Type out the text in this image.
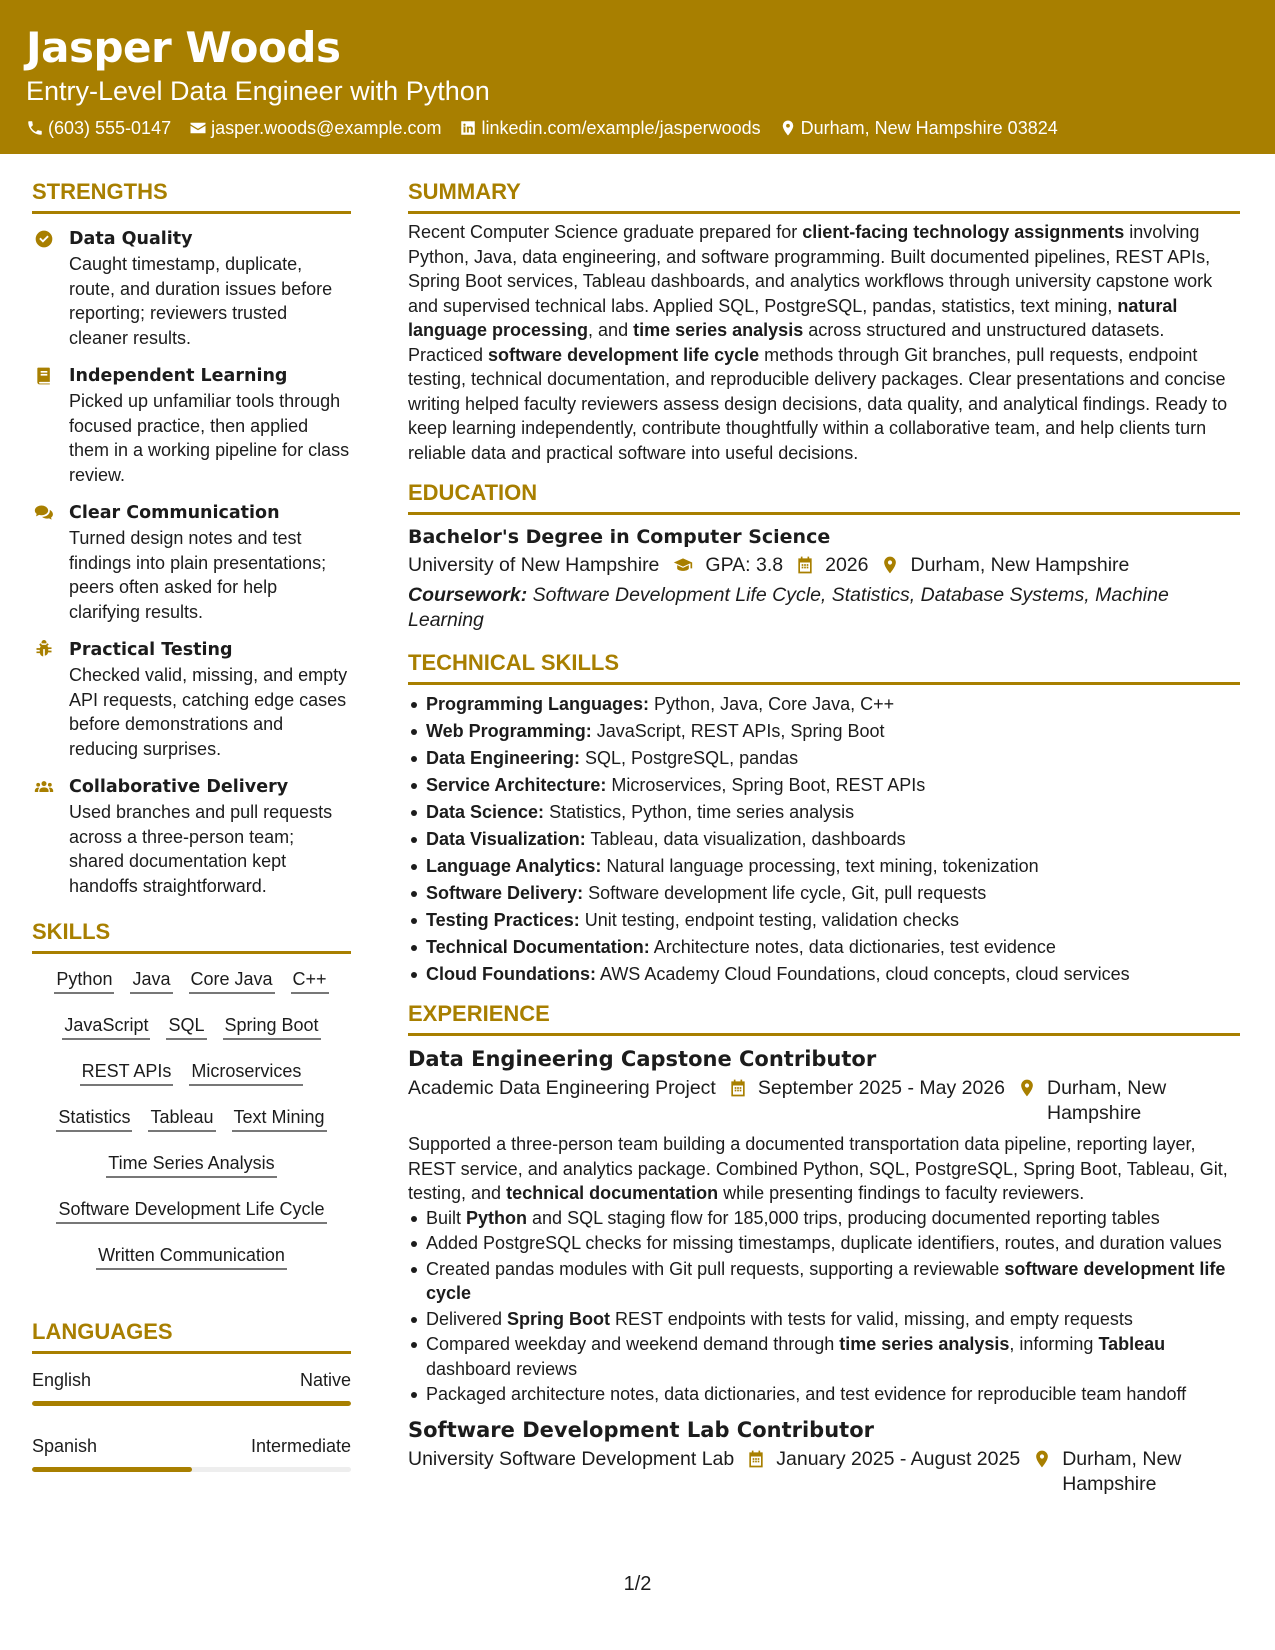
Jasper Woods
Entry-Level Data Engineer with Python
(603) 555-0147 jasper.woods@example.com linkedin.com/example/jasperwoods Durham, New Hampshire 03824
STRENGTHS
Data Quality
Caught timestamp, duplicate, route, and duration issues before reporting; reviewers trusted cleaner results.
Independent Learning
Picked up unfamiliar tools through focused practice, then applied them in a working pipeline for class review.
Clear Communication
Turned design notes and test findings into plain presentations; peers often asked for help clarifying results.
Practical Testing
Checked valid, missing, and empty API requests, catching edge cases before demonstrations and reducing surprises.
Collaborative Delivery
Used branches and pull requests across a three-person team; shared documentation kept handoffs straightforward.
SKILLS
Python Java Core Java C++
JavaScript SQL Spring Boot
REST APIs Microservices
Statistics Tableau Text Mining
Time Series Analysis
Software Development Life Cycle
Written Communication
LANGUAGES
English	Native
Spanish	Intermediate
SUMMARY
Recent Computer Science graduate prepared for client-facing technology assignments involving Python, Java, data engineering, and software programming. Built documented pipelines, REST APIs, Spring Boot services, Tableau dashboards, and analytics workflows through university capstone work and supervised technical labs. Applied SQL, PostgreSQL, pandas, statistics, text mining, natural language processing, and time series analysis across structured and unstructured datasets. Practiced software development life cycle methods through Git branches, pull requests, endpoint testing, technical documentation, and reproducible delivery packages. Clear presentations and concise writing helped faculty reviewers assess design decisions, data quality, and analytical findings. Ready to keep learning independently, contribute thoughtfully within a collaborative team, and help clients turn reliable data and practical software into useful decisions.
EDUCATION
Bachelor's Degree in Computer Science
University of New Hampshire GPA: 3.8 2026 Durham, New Hampshire
Coursework: Software Development Life Cycle, Statistics, Database Systems, Machine Learning
TECHNICAL SKILLS
Programming Languages: Python, Java, Core Java, C++
Web Programming: JavaScript, REST APIs, Spring Boot
Data Engineering: SQL, PostgreSQL, pandas
Service Architecture: Microservices, Spring Boot, REST APIs
Data Science: Statistics, Python, time series analysis
Data Visualization: Tableau, data visualization, dashboards
Language Analytics: Natural language processing, text mining, tokenization
Software Delivery: Software development life cycle, Git, pull requests
Testing Practices: Unit testing, endpoint testing, validation checks
Technical Documentation: Architecture notes, data dictionaries, test evidence
Cloud Foundations: AWS Academy Cloud Foundations, cloud concepts, cloud services
EXPERIENCE
Data Engineering Capstone Contributor
Academic Data Engineering Project September 2025 - May 2026 Durham, New Hampshire
Supported a three-person team building a documented transportation data pipeline, reporting layer, REST service, and analytics package. Combined Python, SQL, PostgreSQL, Spring Boot, Tableau, Git, testing, and technical documentation while presenting findings to faculty reviewers.
Built Python and SQL staging flow for 185,000 trips, producing documented reporting tables
Added PostgreSQL checks for missing timestamps, duplicate identifiers, routes, and duration values
Created pandas modules with Git pull requests, supporting a reviewable software development life cycle
Delivered Spring Boot REST endpoints with tests for valid, missing, and empty requests
Compared weekday and weekend demand through time series analysis, informing Tableau dashboard reviews
Packaged architecture notes, data dictionaries, and test evidence for reproducible team handoff
Software Development Lab Contributor
University Software Development Lab January 2025 - August 2025 Durham, New Hampshire
1/2
